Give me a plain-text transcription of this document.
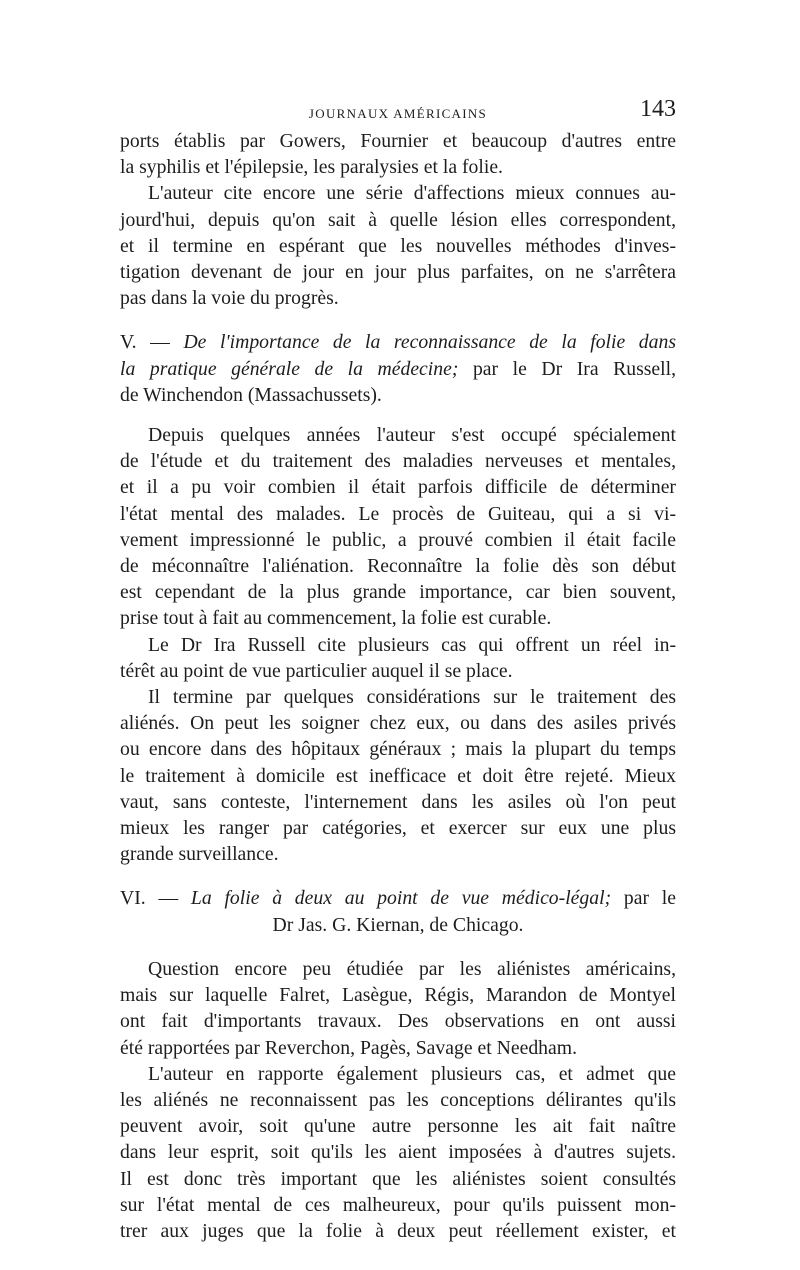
JOURNAUX AMÉRICAINS	143
ports établis par Gowers, Fournier et beaucoup d'autres entre
la syphilis et l'épilepsie, les paralysies et la folie.
L'auteur cite encore une série d'affections mieux connues au-
jourd'hui, depuis qu'on sait à quelle lésion elles correspondent,
et il termine en espérant que les nouvelles méthodes d'inves-
tigation devenant de jour en jour plus parfaites, on ne s'arrêtera
pas dans la voie du progrès.
V. — De l'importance de la reconnaissance de la folie dans
la pratique générale de la médecine; par le Dr Ira Russell,
de Winchendon (Massachussets).
Depuis quelques années l'auteur s'est occupé spécialement
de l'étude et du traitement des maladies nerveuses et mentales,
et il a pu voir combien il était parfois difficile de déterminer
l'état mental des malades. Le procès de Guiteau, qui a si vi-
vement impressionné le public, a prouvé combien il était facile
de méconnaître l'aliénation. Reconnaître la folie dès son début
est cependant de la plus grande importance, car bien souvent,
prise tout à fait au commencement, la folie est curable.
Le Dr Ira Russell cite plusieurs cas qui offrent un réel in-
térêt au point de vue particulier auquel il se place.
Il termine par quelques considérations sur le traitement des
aliénés. On peut les soigner chez eux, ou dans des asiles privés
ou encore dans des hôpitaux généraux ; mais la plupart du temps
le traitement à domicile est inefficace et doit être rejeté. Mieux
vaut, sans conteste, l'internement dans les asiles où l'on peut
mieux les ranger par catégories, et exercer sur eux une plus
grande surveillance.
VI. — La folie à deux au point de vue médico-légal; par le
Dr Jas. G. Kiernan, de Chicago.
Question encore peu étudiée par les aliénistes américains,
mais sur laquelle Falret, Lasègue, Régis, Marandon de Montyel
ont fait d'importants travaux. Des observations en ont aussi
été rapportées par Reverchon, Pagès, Savage et Needham.
L'auteur en rapporte également plusieurs cas, et admet que
les aliénés ne reconnaissent pas les conceptions délirantes qu'ils
peuvent avoir, soit qu'une autre personne les ait fait naître
dans leur esprit, soit qu'ils les aient imposées à d'autres sujets.
Il est donc très important que les aliénistes soient consultés
sur l'état mental de ces malheureux, pour qu'ils puissent mon-
trer aux juges que la folie à deux peut réellement exister, et
